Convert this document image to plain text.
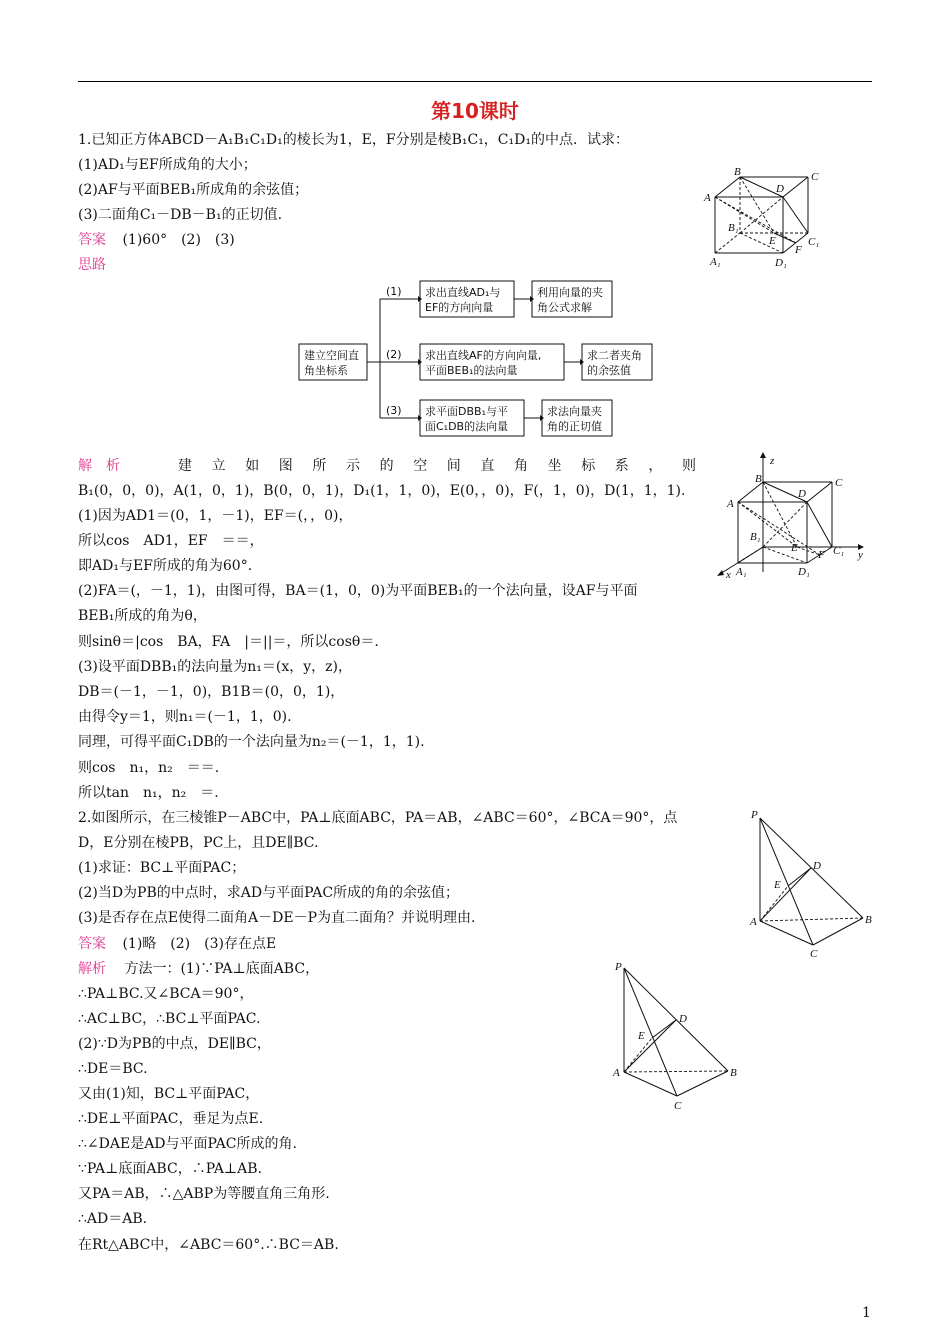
第10课时
1.已知正方体ABCD－A₁B₁C₁D₁的棱长为1，E，F分别是棱B₁C₁，C₁D₁的中点．试求：
(1)AD₁与EF所成角的大小；
(2)AF与平面BEB₁所成角的余弦值；
(3)二面角C₁－DB－B₁的正切值.
答案 (1)60°　(2)　(3)
思路
B	C
D
A
B₁
E
F
C₁
A₁	D₁
建立空间直
角坐标系
(1)
(2)
(3)
求出直线AD₁与
EF的方向向量
利用向量的夹
角公式求解
求出直线AF的方向向量,
平面BEB₁的法向量
求二者夹角
的余弦值
求平面DBB₁与平
面C₁DB的法向量
求法向量夹
角的正切值
解　析	建立如图所示的空间直角坐标系，则
B₁(0，0，0)，A(1，0，1)，B(0，0，1)，D₁(1，1，0)，E(0，，0)，F(，1，0)，D(1，1，1).
(1)因为AD1＝(0，1，－1)，EF＝(，，0)，
所以cos　AD1，EF　＝＝，
即AD₁与EF所成的角为60°.
(2)FA＝(，－1，1)，由图可得，BA＝(1，0，0)为平面BEB₁的一个法向量，设AF与平面
BEB₁所成的角为θ，
则sinθ＝|cos　BA，FA　|＝||＝，所以cosθ＝.
(3)设平面DBB₁的法向量为n₁＝(x，y，z)，
DB＝(－1，－1，0)，B1B＝(0，0，1)，
由得令y＝1，则n₁＝(－1，1，0).
同理，可得平面C₁DB的一个法向量为n₂＝(－1，1，1).
则cos　n₁，n₂　＝＝.
所以tan　n₁，n₂　＝.
z
y
x
B	C
D
A
B₁
E
F C₁
A₁	D₁
2.如图所示，在三棱锥P－ABC中，PA⊥底面ABC，PA＝AB，∠ABC＝60°，∠BCA＝90°，点
D，E分别在棱PB，PC上，且DE∥BC.
(1)求证：BC⊥平面PAC；
(2)当D为PB的中点时，求AD与平面PAC所成的角的余弦值；
(3)是否存在点E使得二面角A－DE－P为直二面角？并说明理由.
答案 (1)略　(2)　(3)存在点E
解析 方法一：(1)∵PA⊥底面ABC，
∴PA⊥BC.又∠BCA＝90°，
∴AC⊥BC，∴BC⊥平面PAC.
(2)∵D为PB的中点，DE∥BC，
∴DE＝BC.
又由(1)知，BC⊥平面PAC，
∴DE⊥平面PAC，垂足为点E.
∴∠DAE是AD与平面PAC所成的角.
∵PA⊥底面ABC，∴PA⊥AB.
又PA＝AB，∴△ABP为等腰直角三角形.
∴AD＝AB.
在Rt△ABC中，∠ABC＝60°.∴BC＝AB.
P
D
E
A	B
C
P
D
E
A	B
C
1
